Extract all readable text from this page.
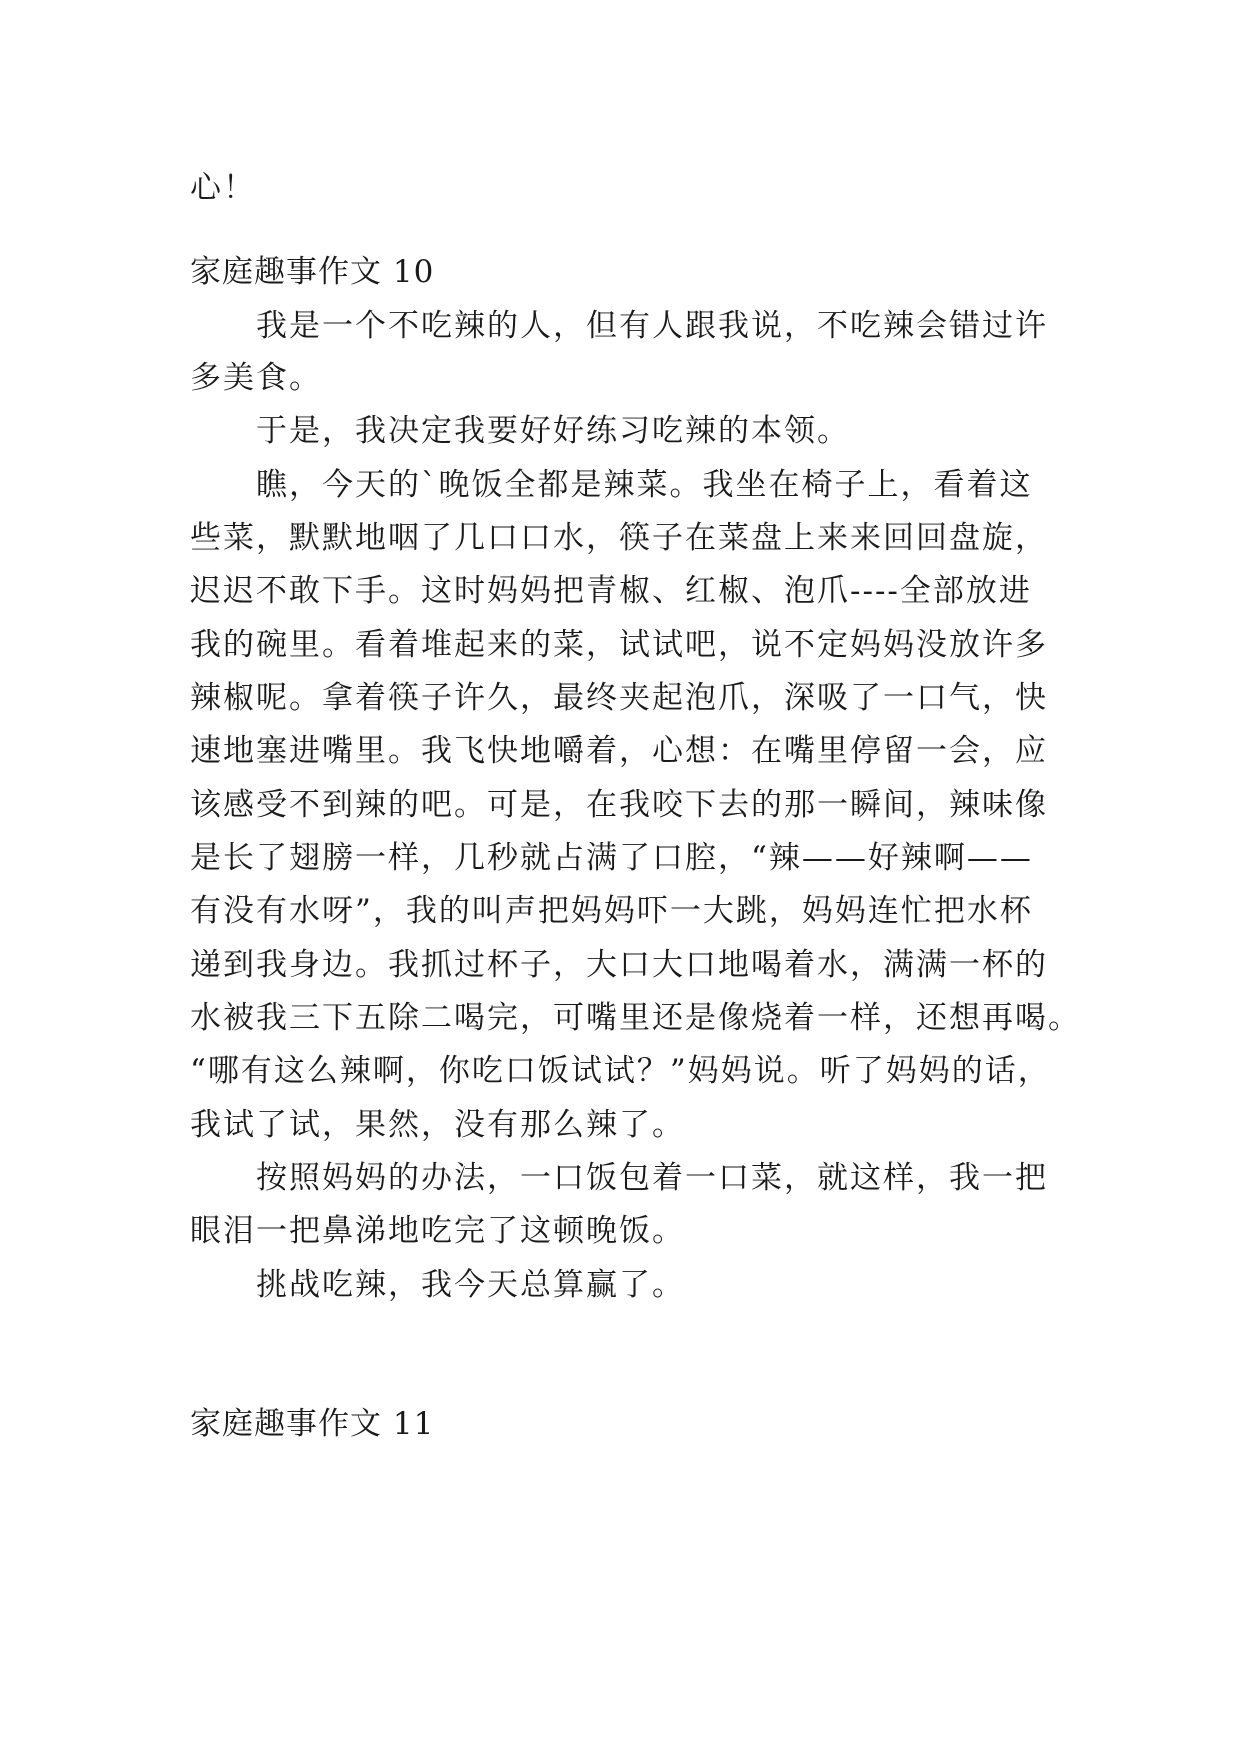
心！
家庭趣事作文 10
我是一个不吃辣的人，但有人跟我说，不吃辣会错过许
多美食。
于是，我决定我要好好练习吃辣的本领。
瞧，今天的`晚饭全都是辣菜。我坐在椅子上，看着这
些菜，默默地咽了几口口水，筷子在菜盘上来来回回盘旋，
迟迟不敢下手。这时妈妈把青椒、红椒、泡爪----全部放进
我的碗里。看着堆起来的菜，试试吧，说不定妈妈没放许多
辣椒呢。拿着筷子许久，最终夹起泡爪，深吸了一口气，快
速地塞进嘴里。我飞快地嚼着，心想：在嘴里停留一会，应
该感受不到辣的吧。可是，在我咬下去的那一瞬间，辣味像
是长了翅膀一样，几秒就占满了口腔，“辣——好辣啊——
有没有水呀”，我的叫声把妈妈吓一大跳，妈妈连忙把水杯
递到我身边。我抓过杯子，大口大口地喝着水，满满一杯的
水被我三下五除二喝完，可嘴里还是像烧着一样，还想再喝。
“哪有这么辣啊，你吃口饭试试？”妈妈说。听了妈妈的话，
我试了试，果然，没有那么辣了。
按照妈妈的办法，一口饭包着一口菜，就这样，我一把
眼泪一把鼻涕地吃完了这顿晚饭。
挑战吃辣，我今天总算赢了。
家庭趣事作文 11
